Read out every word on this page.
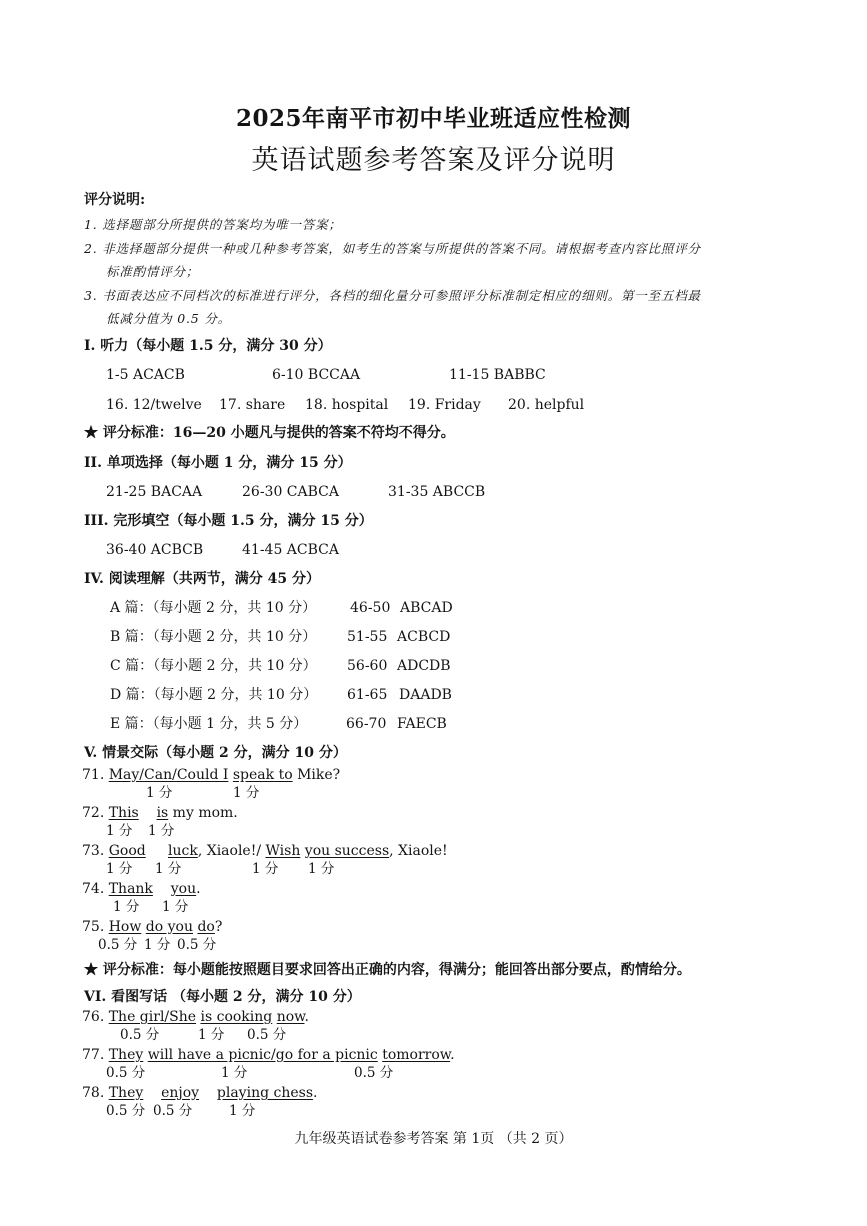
2025年南平市初中毕业班适应性检测
英语试题参考答案及评分说明
评分说明:
1. 选择题部分所提供的答案均为唯一答案；
2. 非选择题部分提供一种或几种参考答案，如考生的答案与所提供的答案不同。请根据考查内容比照评分
标准酌情评分；
3. 书面表达应不同档次的标准进行评分，各档的细化量分可参照评分标准制定相应的细则。第一至五档最
低减分值为 0.5 分。
I. 听力（每小题 1.5 分，满分 30 分）
1-5 ACACB	6-10 BCCAA	11-15 BABBC
16. 12/twelve 17. share 18. hospital 19. Friday 20. helpful
★ 评分标准：16—20 小题凡与提供的答案不符均不得分。
II. 单项选择（每小题 1 分，满分 15 分）
21-25 BACAA	26-30 CABCA	31-35 ABCCB
III. 完形填空（每小题 1.5 分，满分 15 分）
36-40 ACBCB	41-45 ACBCA
IV. 阅读理解（共两节，满分 45 分）
A 篇：（每小题 2 分，共 10 分） 46-50 ABCAD
B 篇：（每小题 2 分，共 10 分） 51-55 ACBCD
C 篇：（每小题 2 分，共 10 分） 56-60 ADCDB
D 篇：（每小题 2 分，共 10 分） 61-65 DAADB
E 篇：（每小题 1 分，共 5 分）	66-70 FAECB
V. 情景交际（每小题 2 分，满分 10 分）
71. May/Can/Could I speak to Mike?
1 分	1 分
72. This is my mom.
1 分 1 分
73. Good luck, Xiaole!/ Wish you success, Xiaole!
1 分 1 分	1 分 1 分
74. Thank you.
1 分 1 分
75. How do you do?
0.5 分 1 分 0.5 分
★ 评分标准：每小题能按照题目要求回答出正确的内容，得满分；能回答出部分要点，酌情给分。
VI. 看图写话 （每小题 2 分，满分 10 分）
76. The girl/She is cooking now.
0.5 分	1 分 0.5 分
77. They will have a picnic/go for a picnic tomorrow.
0.5 分	1 分	0.5 分
78. They enjoy playing chess.
0.5 分 0.5 分	1 分
九年级英语试卷参考答案 第 1页 （共 2 页）
